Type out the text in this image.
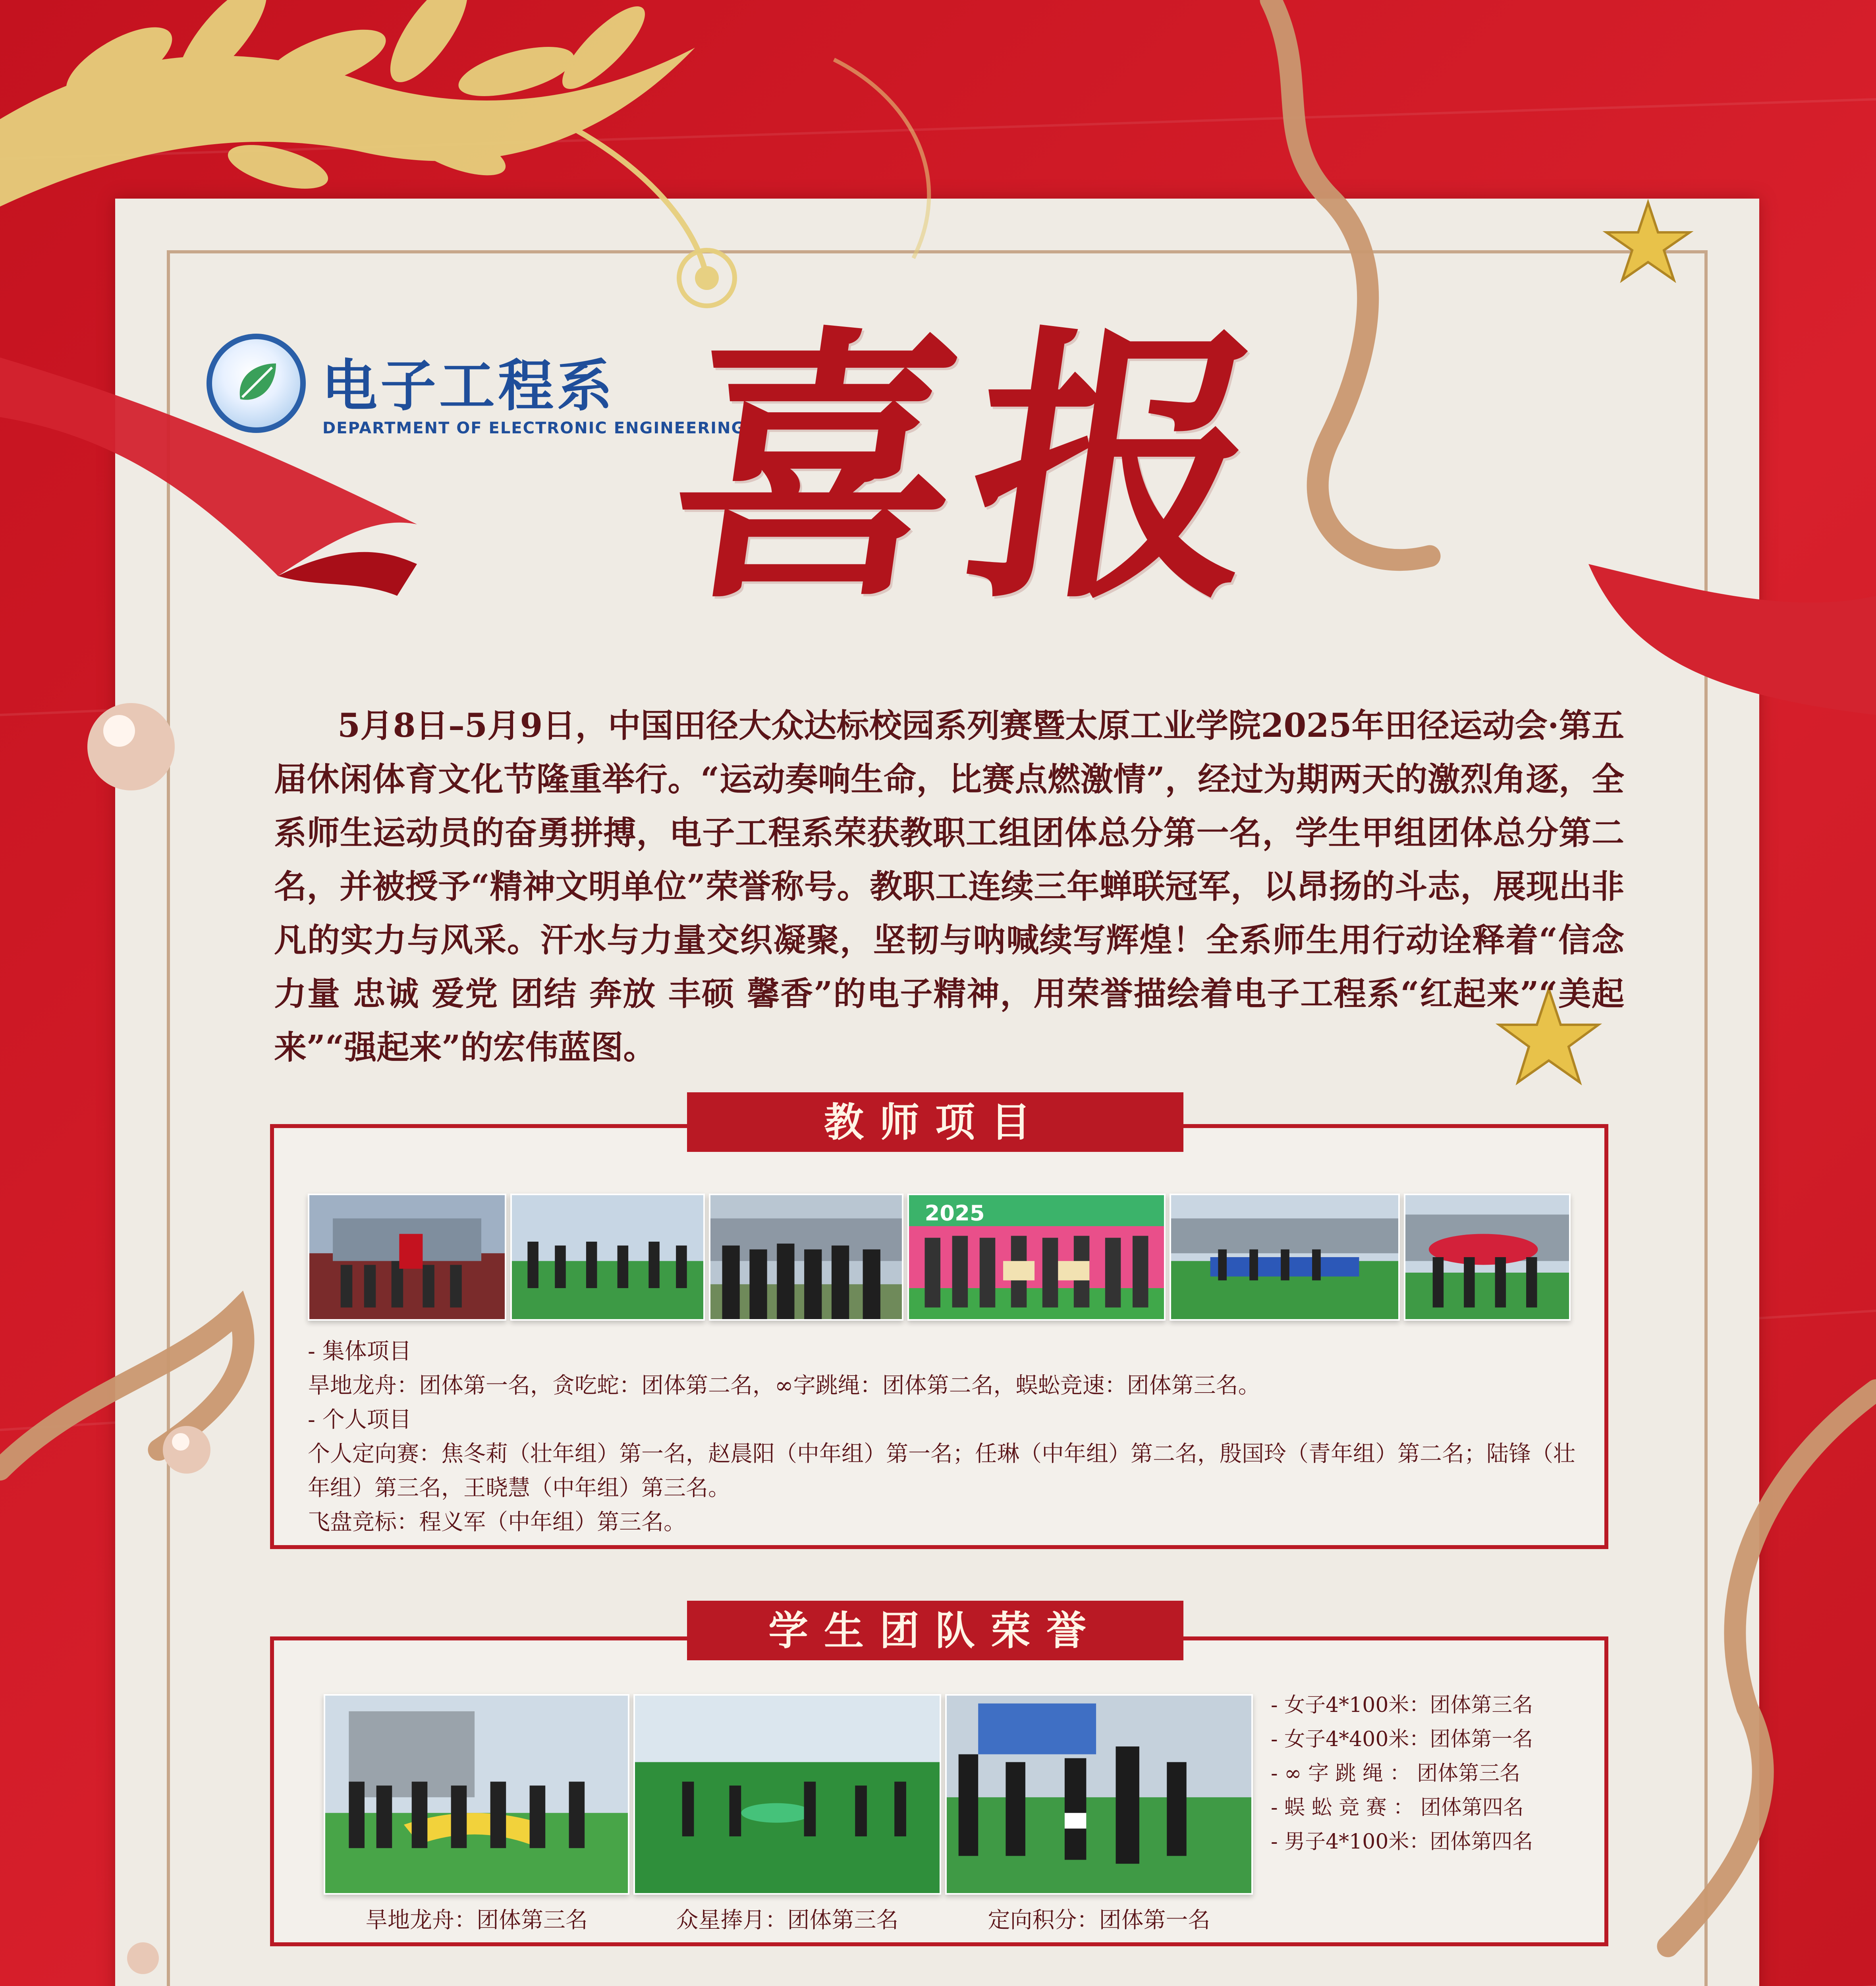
电子工程系
DEPARTMENT OF ELECTRONIC ENGINEERING
喜报
5月8日–5月9日，中国田径大众达标校园系列赛暨太原工业学院2025年田径运动会·第五届休闲体育文化节隆重举行。“运动奏响生命，比赛点燃激情”，经过为期两天的激烈角逐，全系师生运动员的奋勇拼搏，电子工程系荣获教职工组团体总分第一名，学生甲组团体总分第二名，并被授予“精神文明单位”荣誉称号。教职工连续三年蝉联冠军，以昂扬的斗志，展现出非凡的实力与风采。汗水与力量交织凝聚，坚韧与呐喊续写辉煌！全系师生用行动诠释着“信念 力量 忠诚 爱党 团结 奔放 丰硕 馨香”的电子精神，用荣誉描绘着电子工程系“红起来”“美起来”“强起来”的宏伟蓝图。
教师项目
2025
- 集体项目
旱地龙舟：团体第一名，贪吃蛇：团体第二名，∞字跳绳：团体第二名，蜈蚣竞速：团体第三名。
- 个人项目
个人定向赛：焦冬莉（壮年组）第一名，赵晨阳（中年组）第一名；任琳（中年组）第二名，殷国玲（青年组）第二名；陆锋（壮年组）第三名，王晓慧（中年组）第三名。
飞盘竞标：程义军（中年组）第三名。
学生团队荣誉
旱地龙舟：团体第三名	众星捧月：团体第三名	定向积分：团体第一名
- 女子4*100米：团体第三名
- 女子4*400米：团体第一名
- ∞ 字 跳 绳 ： 团体第三名
- 蜈 蚣 竞 赛 ： 团体第四名
- 男子4*100米：团体第四名
